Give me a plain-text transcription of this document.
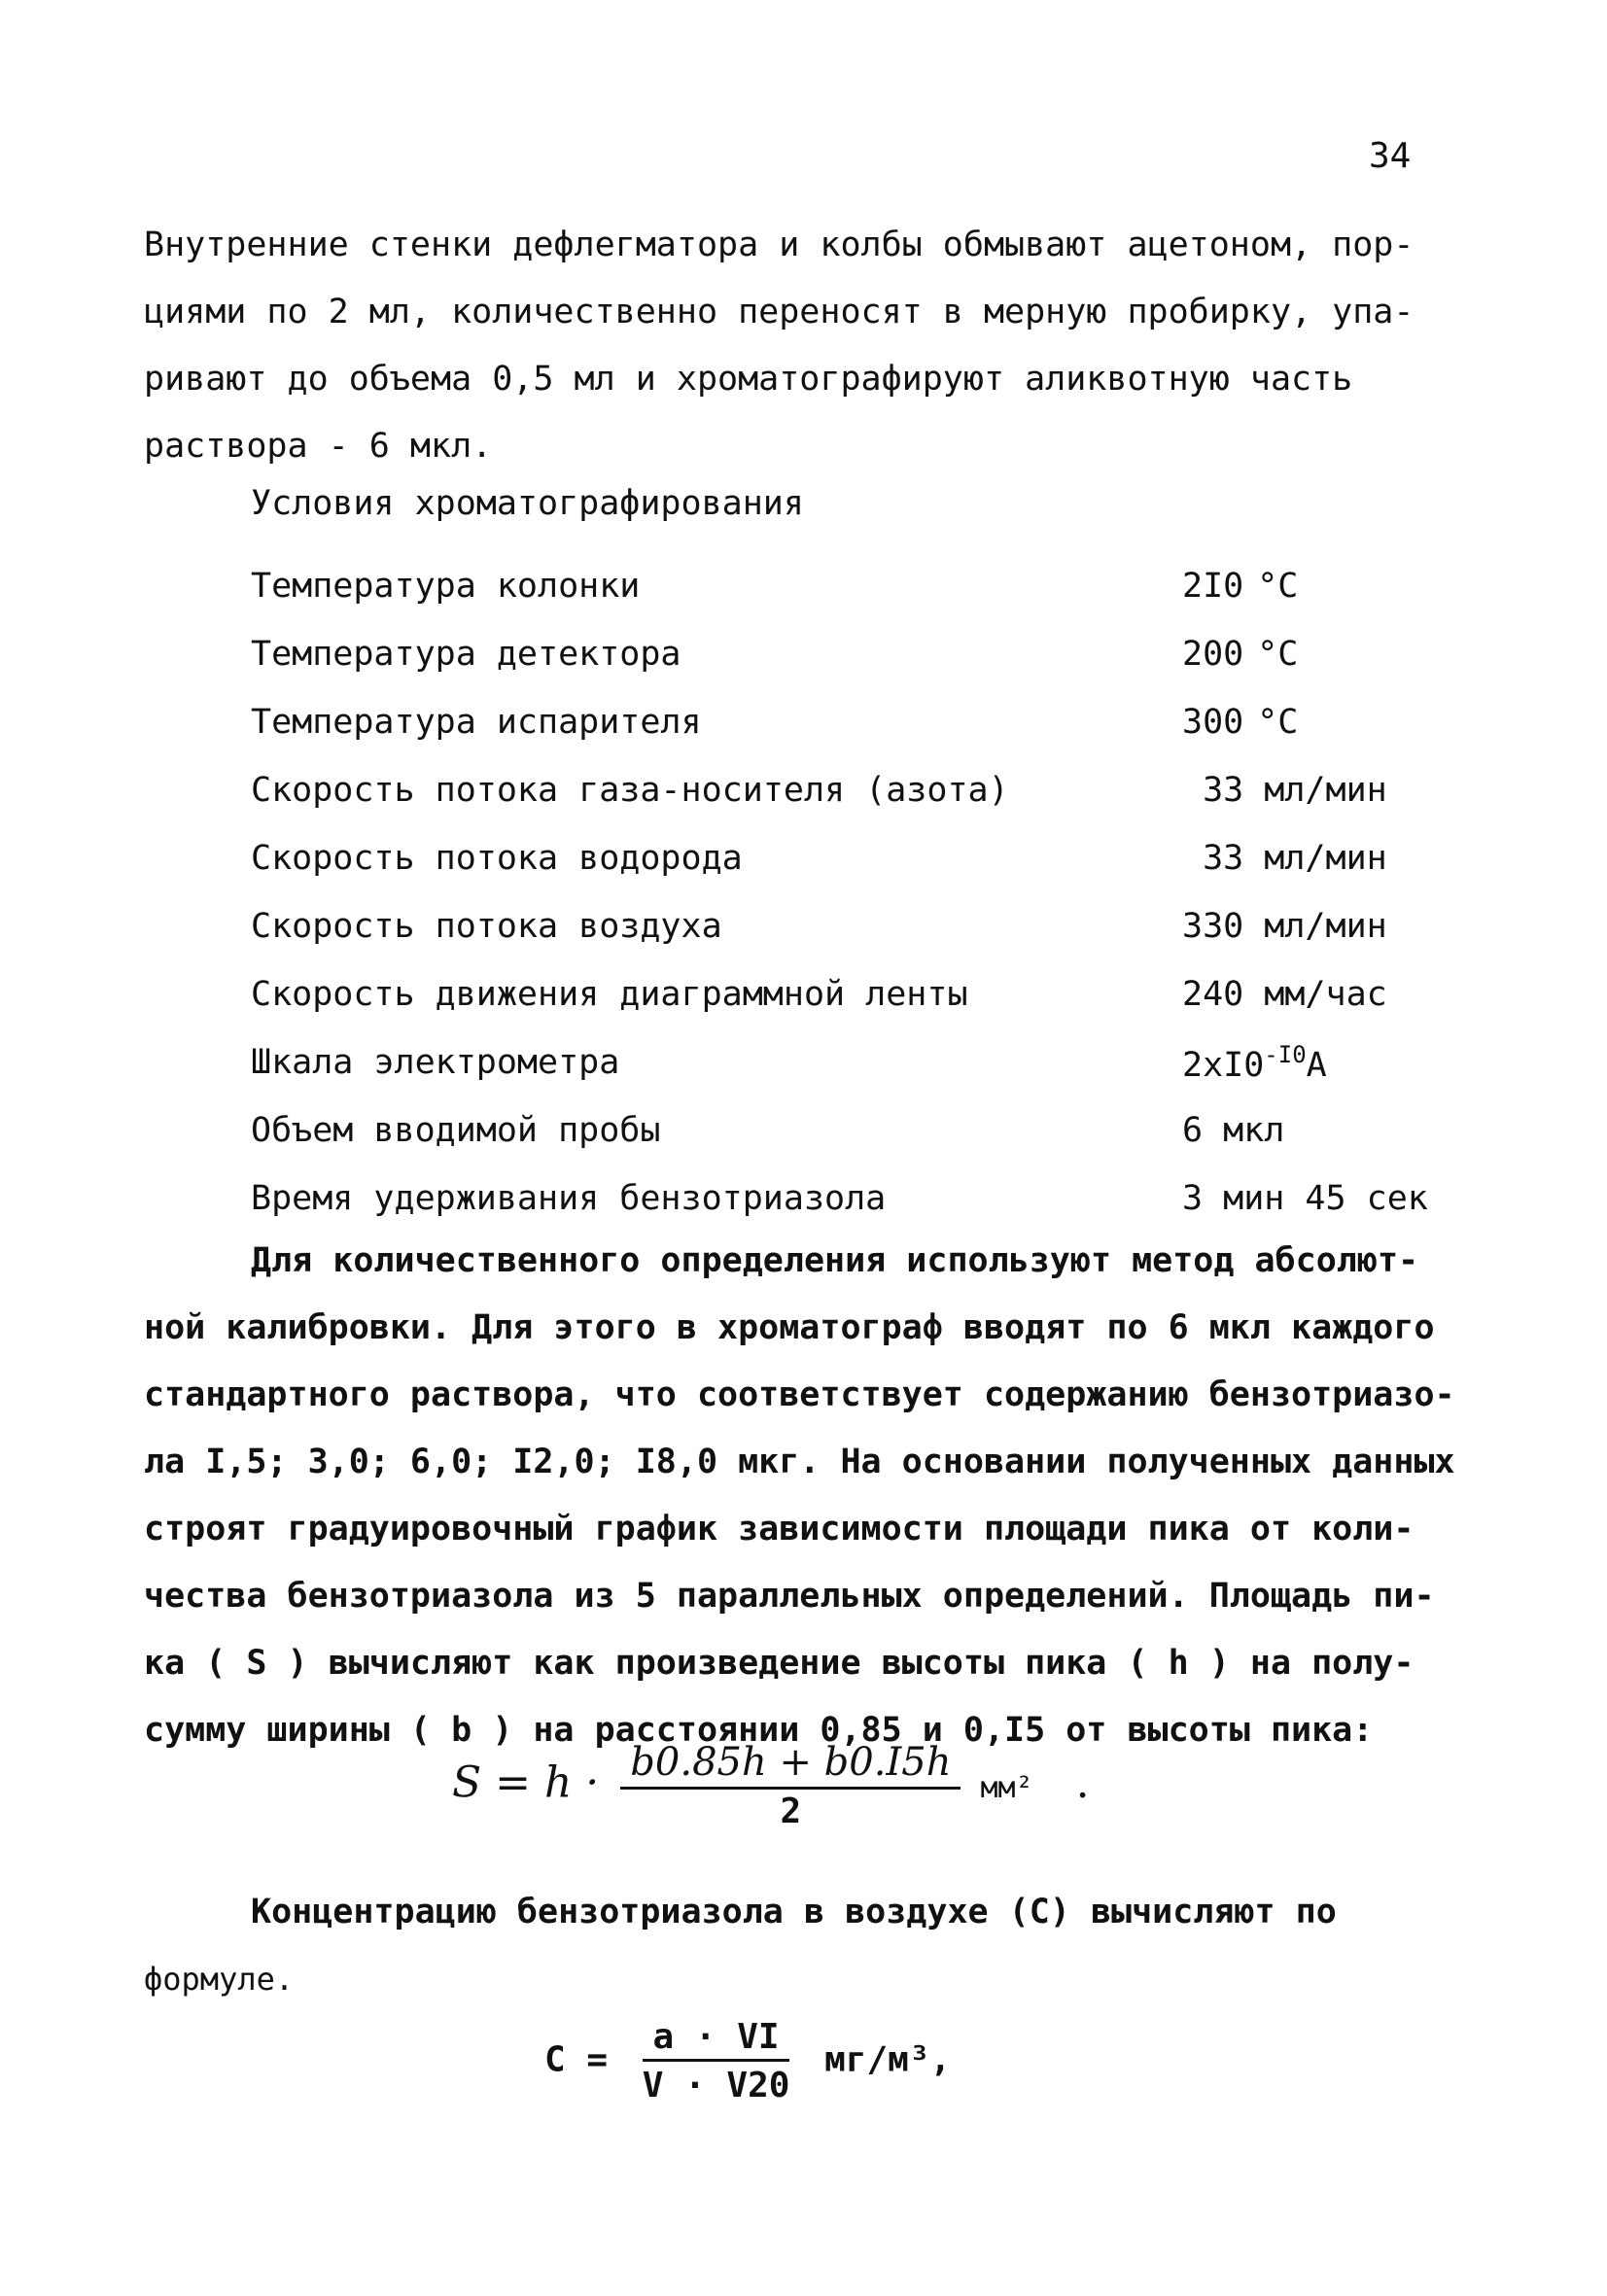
34
Внутренние стенки дефлегматора и колбы обмывают ацетоном, пор-
циями по 2 мл, количественно переносят в мерную пробирку, упа-
ривают до объема 0,5 мл и хроматографируют аликвотную часть
раствора - 6 мкл.
Условия хроматографирования
Температура колонки	2I0 °С
Температура детектора	200 °С
Температура испарителя	300 °С
Скорость потока газа-носителя (азота)	33 мл/мин
Скорость потока водорода	33 мл/мин
Скорость потока воздуха	330 мл/мин
Скорость движения диаграммной ленты	240 мм/час
Шкала электрометра	$2xI0^{-I0}A$
Объем вводимой пробы	6 мкл
Время удерживания бензотриазола	3 мин 45 сек
Для количественного определения используют метод абсолют-
ной калибровки. Для этого в хроматограф вводят по 6 мкл каждого
стандартного раствора, что соответствует содержанию бензотриазо-
ла I,5; 3,0; 6,0; I2,0; I8,0 мкг. На основании полученных данных
строят градуировочный график зависимости площади пика от коли-
чества бензотриазола из 5 параллельных определений. Площадь пи-
ка ( S ) вычисляют как произведение высоты пика ( h ) на полу-
сумму ширины ( b ) на расстоянии 0,85 и 0,I5 от высоты пика:
$S = h \cdot \frac{b0.85h + b0.I5h}{2} мм^2$ .
Концентрацию бензотриазола в воздухе (С) вычисляют по
формуле.
$С = \frac{a \cdot VI}{V \cdot V20} мг/м^3$,
